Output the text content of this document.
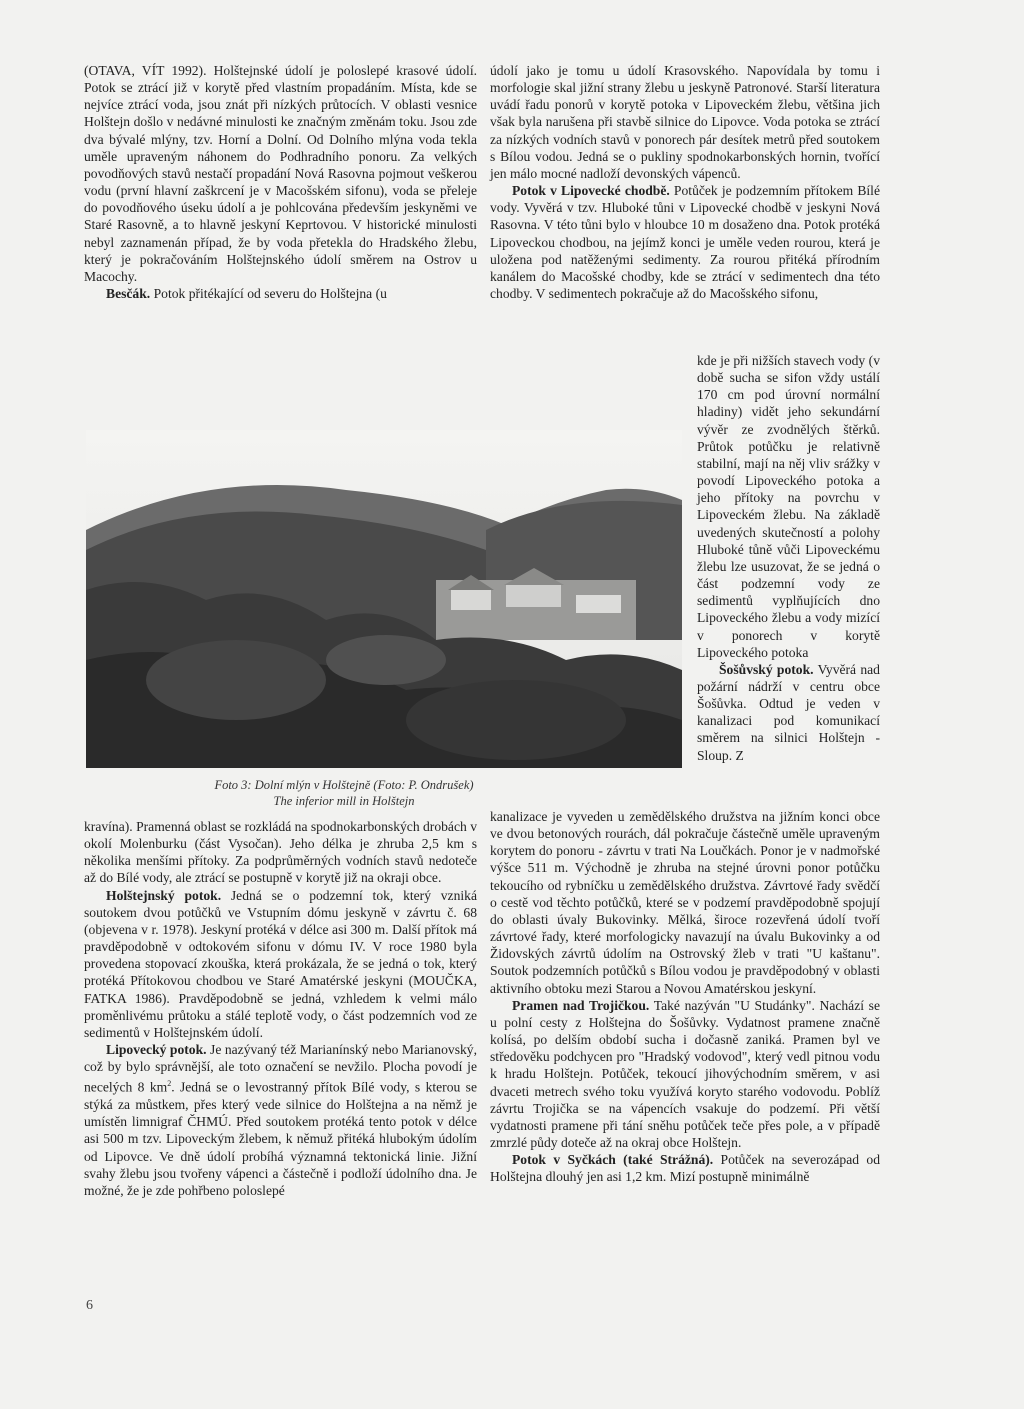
(OTAVA, VÍT 1992). Holštejnské údolí je poloslepé krasové údolí. Potok se ztrácí již v korytě před vlastním propadáním. Místa, kde se nejvíce ztrácí voda, jsou znát při nízkých průtocích. V oblasti vesnice Holštejn došlo v nedávné minulosti ke značným změnám toku. Jsou zde dva bývalé mlýny, tzv. Horní a Dolní. Od Dolního mlýna voda tekla uměle upraveným náhonem do Podhradního ponoru. Za velkých povodňových stavů nestačí propadání Nová Rasovna pojmout veškerou vodu (první hlavní zaškrcení je v Macošském sifonu), voda se přeleje do povodňového úseku údolí a je pohlcována především jeskyněmi ve Staré Rasovně, a to hlavně jeskyní Keprtovou. V historické minulosti nebyl zaznamenán případ, že by voda přetekla do Hradského žlebu, který je pokračováním Holštejnského údolí směrem na Ostrov u Macochy.

Besčák. Potok přitékající od severu do Holštejna (u

Foto 3: Dolní mlýn v Holštejně (Foto: P. Ondrušek)
The inferior mill in Holštejn

kravína). Pramenná oblast se rozkládá na spodnokarbonských drobách v okolí Molenburku (část Vysočan). Jeho délka je zhruba 2,5 km s několika menšími přítoky. Za podprůměrných vodních stavů nedoteče až do Bílé vody, ale ztrácí se postupně v korytě již na okraji obce.

Holštejnský potok. Jedná se o podzemní tok, který vzniká soutokem dvou potůčků ve Vstupním dómu jeskyně v závrtu č. 68 (objevena v r. 1978). Jeskyní protéká v délce asi 300 m. Další přítok má pravděpodobně v odtokovém sifonu v dómu IV. V roce 1980 byla provedena stopovací zkouška, která prokázala, že se jedná o tok, který protéká Přítokovou chodbou ve Staré Amatérské jeskyni (MOUČKA, FATKA 1986). Pravděpodobně se jedná, vzhledem k velmi málo proměnlivému průtoku a stálé teplotě vody, o část podzemních vod ze sedimentů v Holštejnském údolí.

Lipovecký potok. Je nazývaný též Marianínský nebo Marianovský, což by bylo správnější, ale toto označení se nevžilo. Plocha povodí je necelých 8 $km^2$. Jedná se o levostranný přítok Bílé vody, s kterou se stýká za můstkem, přes který vede silnice do Holštejna a na němž je umístěn limnigraf ČHMÚ. Před soutokem protéká tento potok v délce asi 500 m tzv. Lipoveckým žlebem, k němuž přitéká hlubokým údolím od Lipovce. Ve dně údolí probíhá významná tektonická linie. Jižní svahy žlebu jsou tvořeny vápenci a částečně i podloží údolního dna. Je možné, že je zde pohřbeno poloslepé

údolí jako je tomu u údolí Krasovského. Napovídala by tomu i morfologie skal jižní strany žlebu u jeskyně Patronové. Starší literatura uvádí řadu ponorů v korytě potoka v Lipoveckém žlebu, většina jich však byla narušena při stavbě silnice do Lipovce. Voda potoka se ztrácí za nízkých vodních stavů v ponorech pár desítek metrů před soutokem s Bílou vodou. Jedná se o pukliny spodnokarbonských hornin, tvořící jen málo mocné nadloží devonských vápenců.

Potok v Lipovecké chodbě. Potůček je podzemním přítokem Bílé vody. Vyvěrá v tzv. Hluboké tůni v Lipovecké chodbě v jeskyni Nová Rasovna. V této tůni bylo v hloubce 10 m dosaženo dna. Potok protéká Lipoveckou chodbou, na jejímž konci je uměle veden rourou, která je uložena pod natěženými sedimenty. Za rourou přitéká přírodním kanálem do Macošské chodby, kde se ztrácí v sedimentech dna této chodby. V sedimentech pokračuje až do Macošského sifonu,

kde je při nižších stavech vody (v době sucha se sifon vždy ustálí 170 cm pod úrovní normální hladiny) vidět jeho sekundární vývěr ze zvodnělých štěrků. Průtok potůčku je relativně stabilní, mají na něj vliv srážky v povodí Lipoveckého potoka a jeho přítoky na povrchu v Lipoveckém žlebu. Na základě uvedených skutečností a polohy Hluboké tůně vůči Lipoveckému žlebu lze usuzovat, že se jedná o část podzemní vody ze sedimentů vyplňujících dno Lipoveckého žlebu a vody mizící v ponorech v korytě Lipoveckého potoka

Šošůvský potok. Vyvěrá nad požární nádrží v centru obce Šošůvka. Odtud je veden v kanalizaci pod komunikací směrem na silnici Holštejn - Sloup. Z

kanalizace je vyveden u zemědělského družstva na jižním konci obce ve dvou betonových rourách, dál pokračuje částečně uměle upraveným korytem do ponoru - závrtu v trati Na Loučkách. Ponor je v nadmořské výšce 511 m. Východně je zhruba na stejné úrovni ponor potůčku tekoucího od rybníčku u zemědělského družstva. Závrtové řady svědčí o cestě vod těchto potůčků, které se v podzemí pravděpodobně spojují do oblasti úvaly Bukovinky. Mělká, široce rozevřená údolí tvoří závrtové řady, které morfologicky navazují na úvalu Bukovinky a od Židovských závrtů údolím na Ostrovský žleb v trati "U kaštanu". Soutok podzemních potůčků s Bílou vodou je pravděpodobný v oblasti aktivního obtoku mezi Starou a Novou Amatérskou jeskyní.

Pramen nad Trojičkou. Také nazýván "U Studánky". Nachází se u polní cesty z Holštejna do Šošůvky. Vydatnost pramene značně kolísá, po delším období sucha i dočasně zaniká. Pramen byl ve středověku podchycen pro "Hradský vodovod", který vedl pitnou vodu k hradu Holštejn. Potůček, tekoucí jihovýchodním směrem, v asi dvaceti metrech svého toku využívá koryto starého vodovodu. Poblíž závrtu Trojička se na vápencích vsakuje do podzemí. Při větší vydatnosti pramene při tání sněhu potůček teče přes pole, a v případě zmrzlé půdy doteče až na okraj obce Holštejn.

Potok v Syčkách (také Strážná). Potůček na severozápad od Holštejna dlouhý jen asi 1,2 km. Mizí postupně minimálně

6
